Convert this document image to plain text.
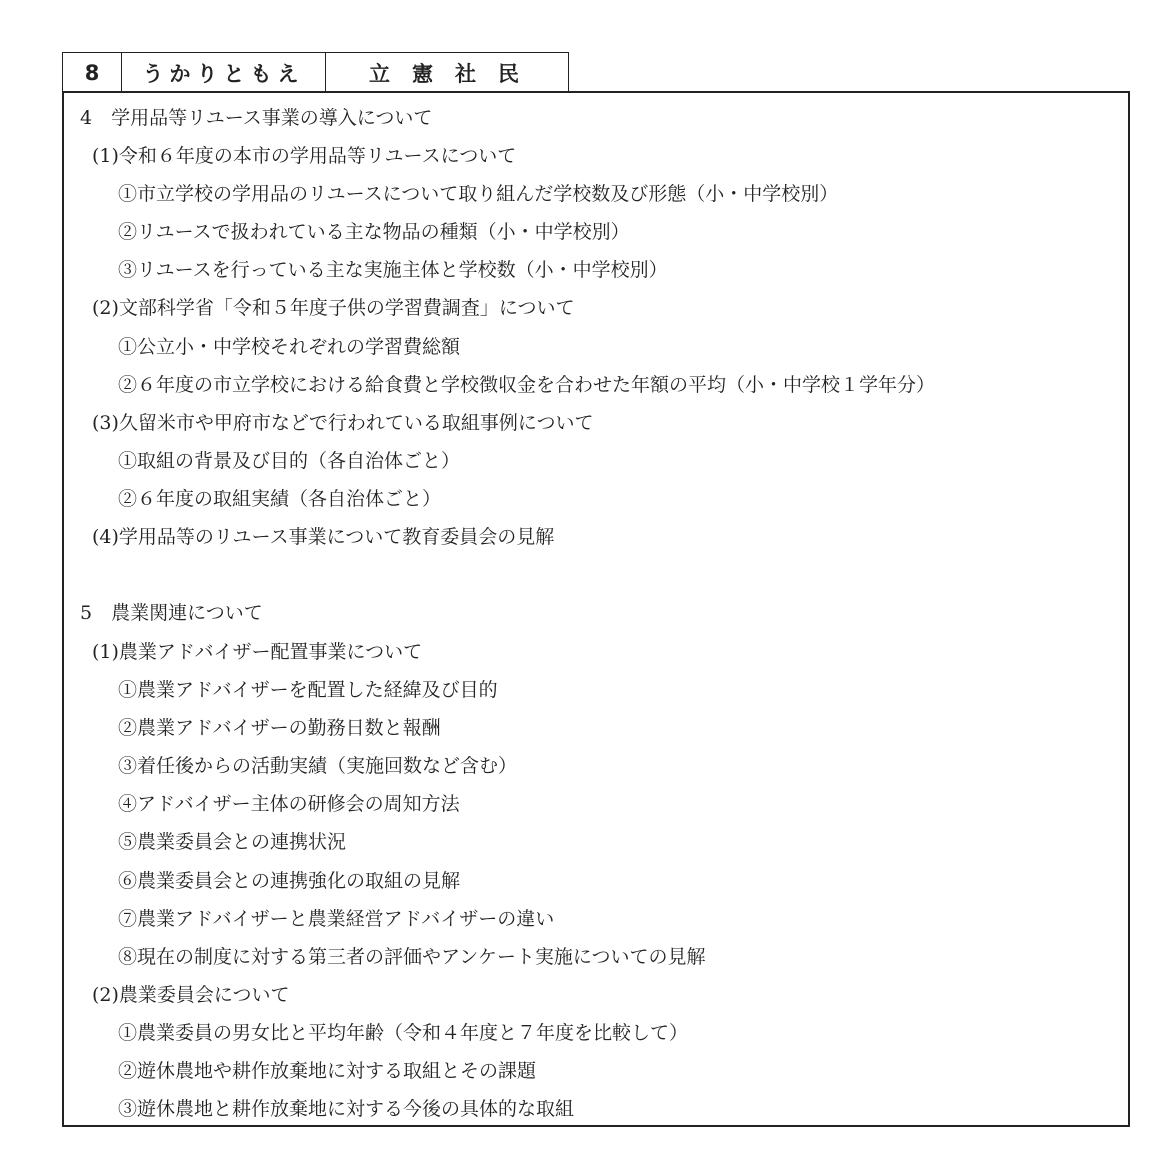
8	うかりともえ	立憲社民
4　学用品等リユース事業の導入について
(1)令和６年度の本市の学用品等リユースについて
①市立学校の学用品のリユースについて取り組んだ学校数及び形態（小・中学校別）
②リユースで扱われている主な物品の種類（小・中学校別）
③リユースを行っている主な実施主体と学校数（小・中学校別）
(2)文部科学省「令和５年度子供の学習費調査」について
①公立小・中学校それぞれの学習費総額
②６年度の市立学校における給食費と学校徴収金を合わせた年額の平均（小・中学校１学年分）
(3)久留米市や甲府市などで行われている取組事例について
①取組の背景及び目的（各自治体ごと）
②６年度の取組実績（各自治体ごと）
(4)学用品等のリユース事業について教育委員会の見解
5　農業関連について
(1)農業アドバイザー配置事業について
①農業アドバイザーを配置した経緯及び目的
②農業アドバイザーの勤務日数と報酬
③着任後からの活動実績（実施回数など含む）
④アドバイザー主体の研修会の周知方法
⑤農業委員会との連携状況
⑥農業委員会との連携強化の取組の見解
⑦農業アドバイザーと農業経営アドバイザーの違い
⑧現在の制度に対する第三者の評価やアンケート実施についての見解
(2)農業委員会について
①農業委員の男女比と平均年齢（令和４年度と７年度を比較して）
②遊休農地や耕作放棄地に対する取組とその課題
③遊休農地と耕作放棄地に対する今後の具体的な取組
